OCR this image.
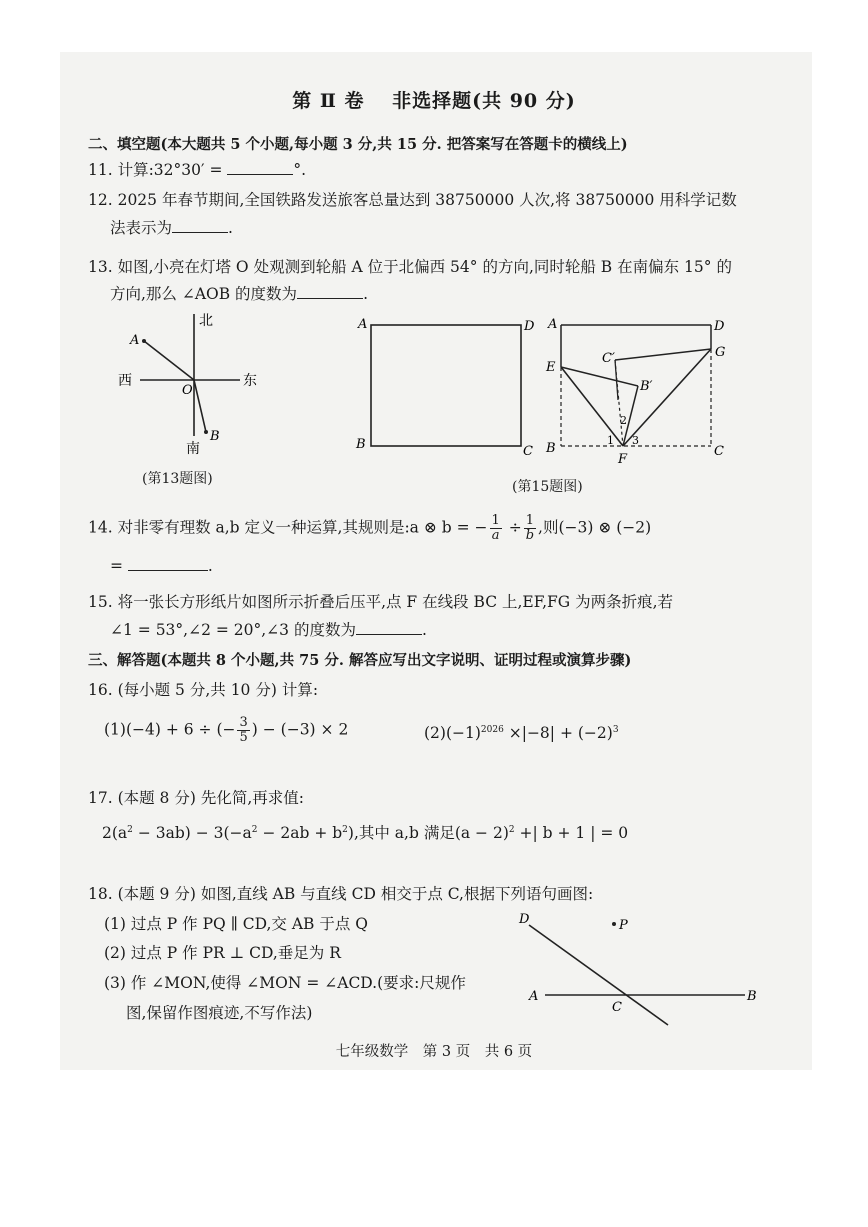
第 Ⅱ 卷　 非选择题(共 90 分)
二、填空题(本大题共 5 个小题,每小题 3 分,共 15 分. 把答案写在答题卡的横线上)
11. 计算:32°30′ =	°.
12. 2025 年春节期间,全国铁路发送旅客总量达到 38750000 人次,将 38750000 用科学记数
法表示为	.
13. 如图,小亮在灯塔 O 处观测到轮船 A 位于北偏西 54° 的方向,同时轮船 B 在南偏东 15° 的
方向,那么 ∠AOB 的度数为	.
北
南
西	东
A
O
B
(第13题图)
A	D
B	C
A	D
E
G
C′
B′
B	C
F
1
2
3
(第15题图)
14. 对非零有理数 a,b 定义一种运算,其规则是:a ⊗ b = − $\frac{1}{a} \div \frac{1}{b}$ ,则(−3) ⊗ (−2)
=	.
15. 将一张长方形纸片如图所示折叠后压平,点 F 在线段 BC 上,EF,FG 为两条折痕,若
∠1 = 53°,∠2 = 20°,∠3 的度数为	.
三、解答题(本题共 8 个小题,共 75 分. 解答应写出文字说明、证明过程或演算步骤)
16. (每小题 5 分,共 10 分) 计算:
(1)(−4) + 6 ÷ (− $\frac{3}{5}$ ) − (−3) × 2	$(2)(-1)^{2026} \times|-8| + (-2)^3$
17. (本题 8 分) 先化简,再求值:
$2(a^2 - 3ab) - 3(-a^2 - 2ab + b^2)$,其中 a,b 满足$(a - 2)^2$ +| b + 1 | = 0
18. (本题 9 分) 如图,直线 AB 与直线 CD 相交于点 C,根据下列语句画图:
(1) 过点 P 作 PQ ∥ CD,交 AB 于点 Q
(2) 过点 P 作 PR ⊥ CD,垂足为 R
(3) 作 ∠MON,使得 ∠MON = ∠ACD.(要求:尺规作
图,保留作图痕迹,不写作法)
P
D
A	B
C
七年级数学　第 3 页　共 6 页
